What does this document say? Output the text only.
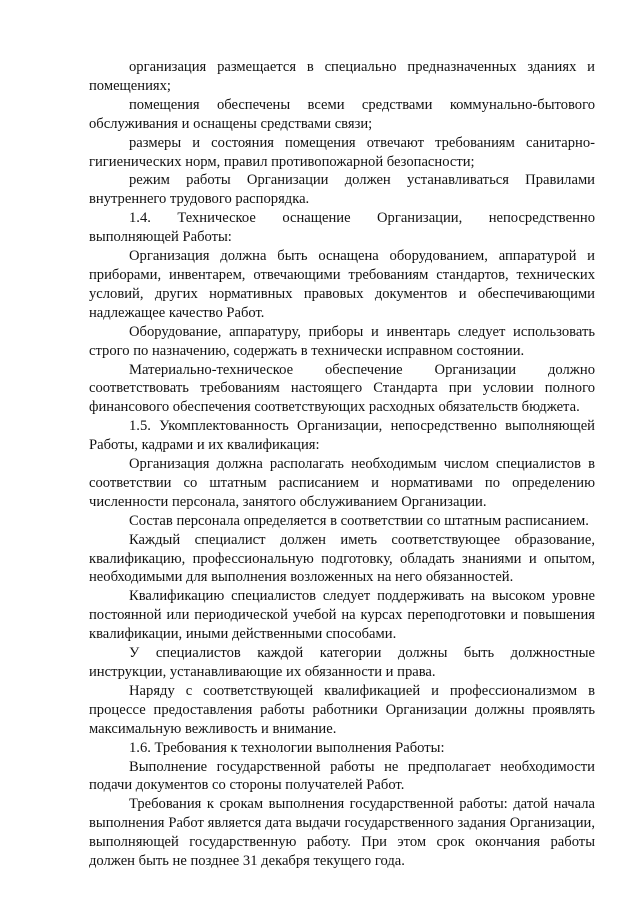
организация размещается в специально предназначенных зданиях и помещениях;

помещения обеспечены всеми средствами коммунально-бытового обслуживания и оснащены средствами связи;

размеры и состояния помещения отвечают требованиям санитарно-гигиенических норм, правил противопожарной безопасности;

режим работы Организации должен устанавливаться Правилами внутреннего трудового распорядка.

1.4. Техническое оснащение Организации, непосредственно выполняющей Работы:

Организация должна быть оснащена оборудованием, аппаратурой и приборами, инвентарем, отвечающими требованиям стандартов, технических условий, других нормативных правовых документов и обеспечивающими надлежащее качество Работ.

Оборудование, аппаратуру, приборы и инвентарь следует использовать строго по назначению, содержать в технически исправном состоянии.

Материально-техническое обеспечение Организации должно соответствовать требованиям настоящего Стандарта при условии полного финансового обеспечения соответствующих расходных обязательств бюджета.

1.5. Укомплектованность Организации, непосредственно выполняющей Работы, кадрами и их квалификация:

Организация должна располагать необходимым числом специалистов в соответствии со штатным расписанием и нормативами по определению численности персонала, занятого обслуживанием Организации.

Состав персонала определяется в соответствии со штатным расписанием.

Каждый специалист должен иметь соответствующее образование, квалификацию, профессиональную подготовку, обладать знаниями и опытом, необходимыми для выполнения возложенных на него обязанностей.

Квалификацию специалистов следует поддерживать на высоком уровне постоянной или периодической учебой на курсах переподготовки и повышения квалификации, иными действенными способами.

У специалистов каждой категории должны быть должностные инструкции, устанавливающие их обязанности и права.

Наряду с соответствующей квалификацией и профессионализмом в процессе предоставления работы работники Организации должны проявлять максимальную вежливость и внимание.

1.6. Требования к технологии выполнения Работы:

Выполнение государственной работы не предполагает необходимости подачи документов со стороны получателей Работ.

Требования к срокам выполнения государственной работы: датой начала выполнения Работ является дата выдачи государственного задания Организации, выполняющей государственную работу. При этом срок окончания работы должен быть не позднее 31 декабря текущего года.
